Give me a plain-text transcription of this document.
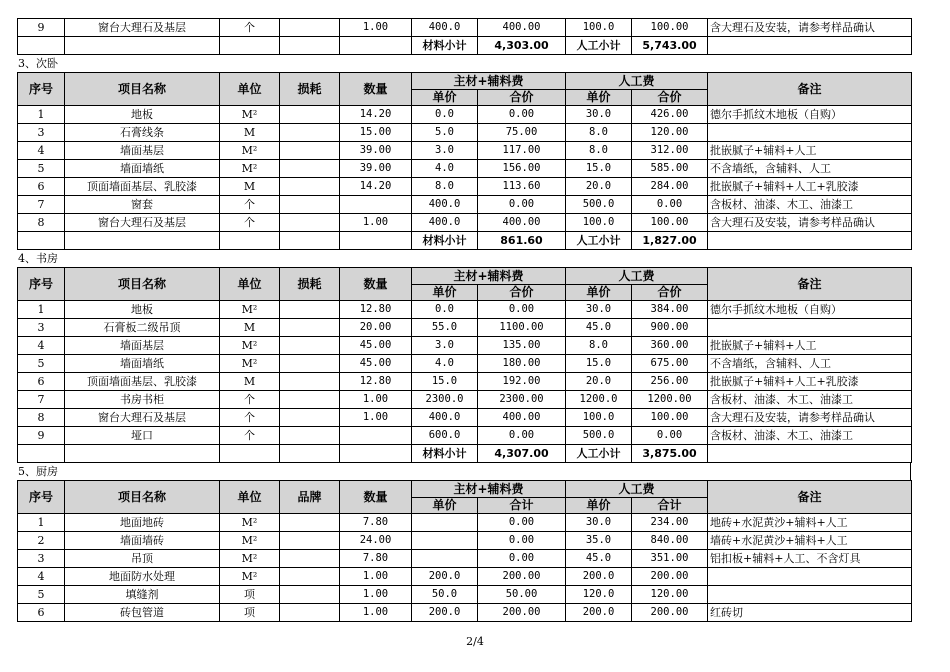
9	窗台大理石及基层	个		1.00	400.0	400.00	100.0	100.00	含大理石及安装，请参考样品确认
					材料小计	4,303.00	人工小计	5,743.00	
3、次卧
序号	项目名称	单位	损耗	数量	主材+辅料费		人工费		备注
					单价	合价	单价	合价	
1	地板	M²		14.20	0.0	0.00	30.0	426.00	德尔手抓纹木地板（自购）
3	石膏线条	M		15.00	5.0	75.00	8.0	120.00	
4	墙面基层	M²		39.00	3.0	117.00	8.0	312.00	批嵌腻子+辅料+人工
5	墙面墙纸	M²		39.00	4.0	156.00	15.0	585.00	不含墙纸，含辅料、人工
6	顶面墙面基层、乳胶漆	M		14.20	8.0	113.60	20.0	284.00	批嵌腻子+辅料+人工+乳胶漆
7	窗套	个			400.0	0.00	500.0	0.00	含板材、油漆、木工、油漆工
8	窗台大理石及基层	个		1.00	400.0	400.00	100.0	100.00	含大理石及安装，请参考样品确认
					材料小计	861.60	人工小计	1,827.00	
4、书房
序号	项目名称	单位	损耗	数量	主材+辅料费		人工费		备注
					单价	合价	单价	合价	
1	地板	M²		12.80	0.0	0.00	30.0	384.00	德尔手抓纹木地板（自购）
3	石膏板二级吊顶	M		20.00	55.0	1100.00	45.0	900.00	
4	墙面基层	M²		45.00	3.0	135.00	8.0	360.00	批嵌腻子+辅料+人工
5	墙面墙纸	M²		45.00	4.0	180.00	15.0	675.00	不含墙纸，含辅料、人工
6	顶面墙面基层、乳胶漆	M		12.80	15.0	192.00	20.0	256.00	批嵌腻子+辅料+人工+乳胶漆
7	书房书柜	个		1.00	2300.0	2300.00	1200.0	1200.00	含板材、油漆、木工、油漆工
8	窗台大理石及基层	个		1.00	400.0	400.00	100.0	100.00	含大理石及安装，请参考样品确认
9	垭口	个			600.0	0.00	500.0	0.00	含板材、油漆、木工、油漆工
					材料小计	4,307.00	人工小计	3,875.00	
5、厨房
序号	项目名称	单位	品牌	数量	主材+辅料费		人工费		备注
					单价	合计	单价	合计	
1	地面地砖	M²		7.80		0.00	30.0	234.00	地砖+水泥黄沙+辅料+人工
2	墙面墙砖	M²		24.00		0.00	35.0	840.00	墙砖+水泥黄沙+辅料+人工
3	吊顶	M²		7.80		0.00	45.0	351.00	铝扣板+辅料+人工、不含灯具
4	地面防水处理	M²		1.00	200.0	200.00	200.0	200.00	
5	填缝剂	项		1.00	50.0	50.00	120.0	120.00	
6	砖包管道	项		1.00	200.0	200.00	200.0	200.00	红砖切
2/4
